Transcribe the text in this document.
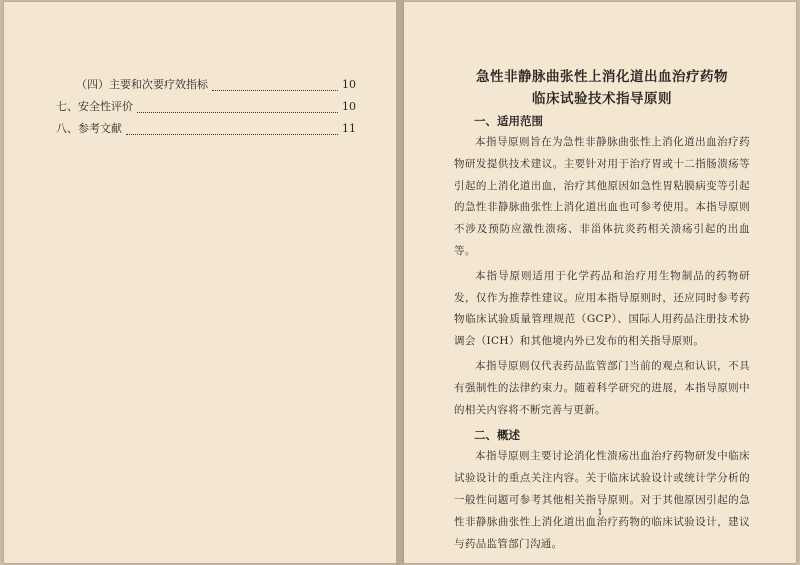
（四）主要和次要疗效指标	10
七、安全性评价	10
八、参考文献	11
急性非静脉曲张性上消化道出血治疗药物
临床试验技术指导原则
一、适用范围

本指导原则旨在为急性非静脉曲张性上消化道出血治疗药物研发提供技术建议。主要针对用于治疗胃或十二指肠溃疡等引起的上消化道出血，治疗其他原因如急性胃粘膜病变等引起的急性非静脉曲张性上消化道出血也可参考使用。本指导原则不涉及预防应激性溃疡、非甾体抗炎药相关溃疡引起的出血等。

本指导原则适用于化学药品和治疗用生物制品的药物研发，仅作为推荐性建议。应用本指导原则时，还应同时参考药物临床试验质量管理规范（GCP）、国际人用药品注册技术协调会（ICH）和其他境内外已发布的相关指导原则。

本指导原则仅代表药品监管部门当前的观点和认识，不具有强制性的法律约束力。随着科学研究的进展，本指导原则中的相关内容将不断完善与更新。

二、概述

本指导原则主要讨论消化性溃疡出血治疗药物研发中临床试验设计的重点关注内容。关于临床试验设计或统计学分析的一般性问题可参考其他相关指导原则。对于其他原因引起的急性非静脉曲张性上消化道出血治疗药物的临床试验设计，建议与药品监管部门沟通。

1
